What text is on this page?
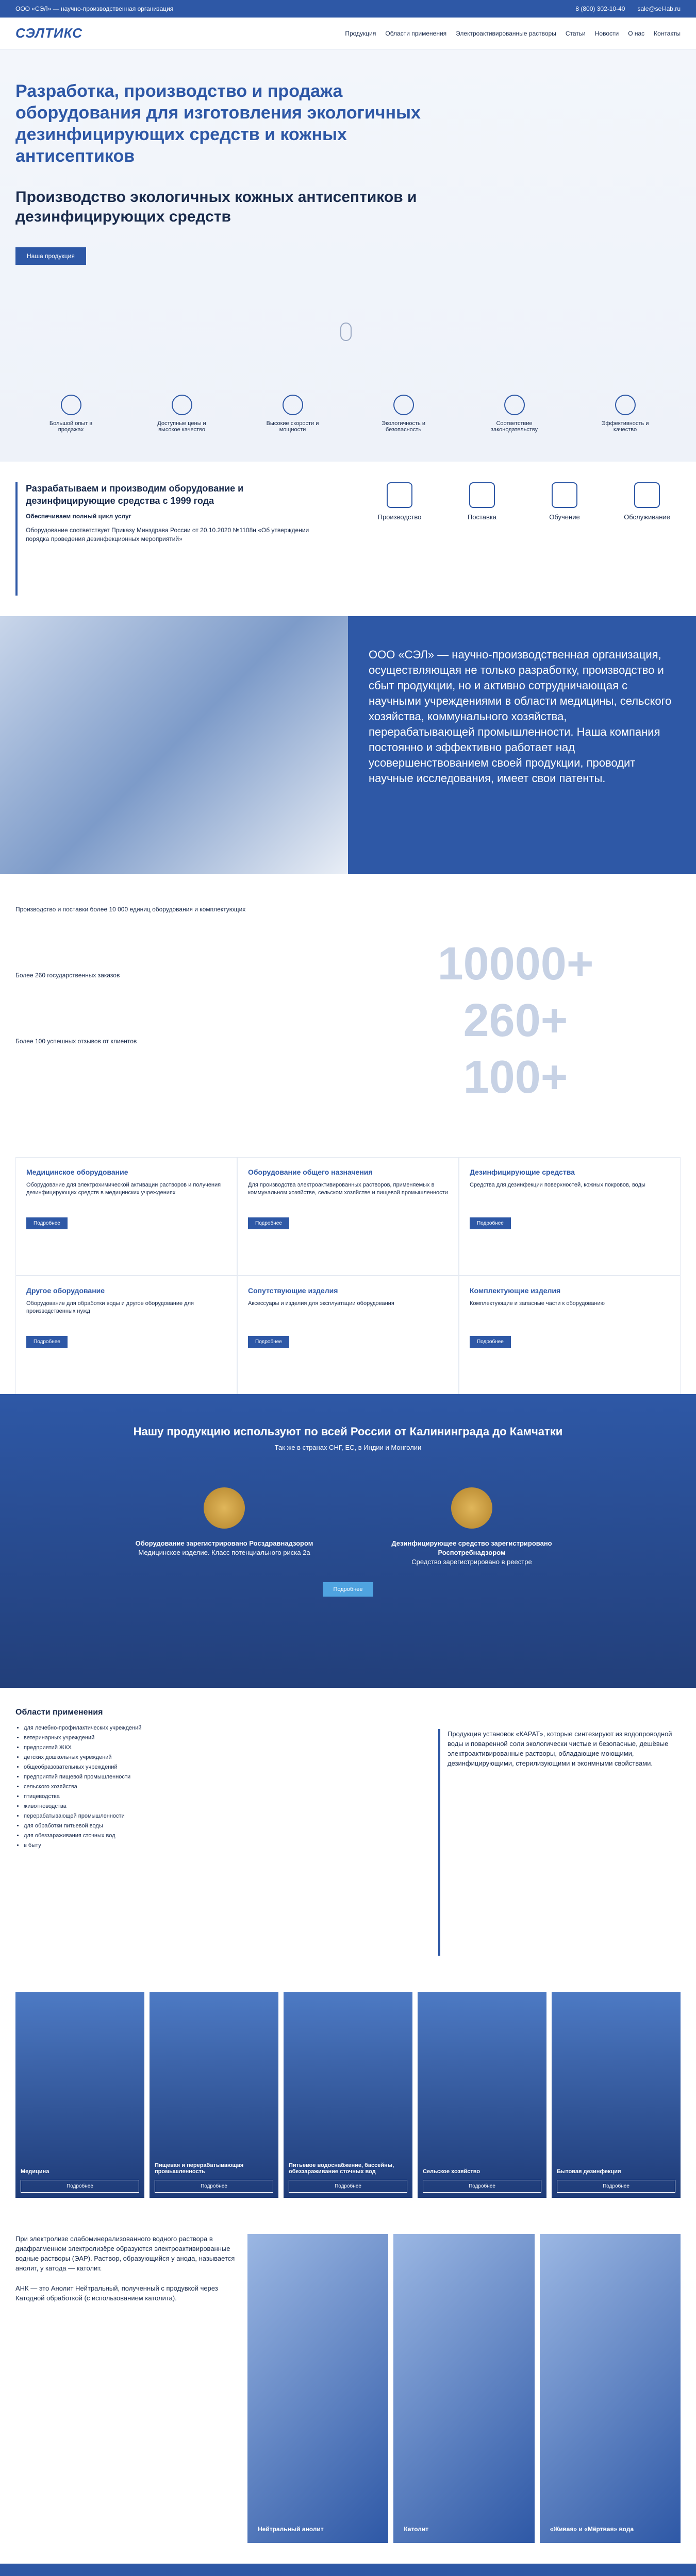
ООО «СЭЛ» — научно-производственная организация	8 (800) 302-10-40 sale@sel-lab.ru
СЭЛТИКС	Продукция Области применения Электроактивированные растворы Статьи Новости О нас Контакты
Разработка, производство и продажа оборудования для изготовления экологичных дезинфицирующих средств и кожных антисептиков
Производство экологичных кожных антисептиков и дезинфицирующих средств
Наша продукция
Большой опыт в продажах
Доступные цены и высокое качество
Высокие скорости и мощности
Экологичность и безопасность
Соответствие законодательству
Эффективность и качество
Разрабатываем и производим оборудование и дезинфицирующие средства с 1999 года

Обеспечиваем полный цикл услуг

Оборудование соответствует Приказу Минздрава России от 20.10.2020 №1108н «Об утверждении порядка проведения дезинфекционных мероприятий»

Производство	Поставка	Обучение	Обслуживание
ООО «СЭЛ» — научно-производственная организация, осуществляющая не только разработку, производство и сбыт продукции, но и активно сотрудничающая с научными учреждениями в области медицины, сельского хозяйства, коммунального хозяйства, перерабатывающей промышленности. Наша компания постоянно и эффективно работает над усовершенствованием своей продукции, проводит научные исследования, имеет свои патенты.

Производство и поставки более 10 000 единиц оборудования и комплектующих

Более 260 государственных заказов

Более 100 успешных отзывов от клиентов

10000+
260+
100+
Медицинское оборудование

Оборудование для электрохимической активации растворов и получения дезинфицирующих средств в медицинских учреждениях

Подробнее
Оборудование общего назначения

Для производства электроактивированных растворов, применяемых в коммунальном хозяйстве, сельском хозяйстве и пищевой промышленности

Подробнее
Дезинфицирующие средства

Средства для дезинфекции поверхностей, кожных покровов, воды

Подробнее
Другое оборудование

Оборудование для обработки воды и другое оборудование для производственных нужд

Подробнее
Сопутствующие изделия

Аксессуары и изделия для эксплуатации оборудования

Подробнее
Комплектующие изделия

Комплектующие и запасные части к оборудованию

Подробнее
Нашу продукцию используют по всей России от Калининграда до Камчатки
Так же в странах СНГ, ЕС, в Индии и Монголии
Оборудование зарегистрировано Росздравнадзором
Медицинское изделие. Класс потенциального риска 2а
Дезинфицирующее средство зарегистрировано Роспотребнадзором
Средство зарегистрировано в реестре
Подробнее
Области применения
• для лечебно-профилактических учреждений
• ветеринарных учреждений
• предприятий ЖКХ
• детских дошкольных учреждений
• общеобразовательных учреждений
• предприятий пищевой промышленности
• сельского хозяйства
• птицеводства
• животноводства
• перерабатывающей промышленности
• для обработки питьевой воды
• для обеззараживания сточных вод
• в быту
Продукция установок «КАРАТ», которые синтезируют из водопроводной воды и поваренной соли экологически чистые и безопасные, дешёвые электроактивированные растворы, обладающие моющими, дезинфицирующими, стерилизующими и эконмными свойствами.
Медицина
Подробнее
Пищевая и перерабатывающая промышленность
Подробнее
Питьевое водоснабжение, бассейны, обеззараживание сточных вод
Подробнее
Сельское хозяйство
Подробнее
Бытовая дезинфекция
Подробнее

При электролизе слабоминерализованного водного раствора в диафрагменном электролизёре образуются электроактивированные водные растворы (ЭАР). Раствор, образующийся у анода, называется анолит, у катода — католит.

АНК — это Анолит Нейтральный, полученный с продувкой через Катодной обработкой (с использованием католита).

Нейтральный анолит	Католит	«Живая» и «Мёртвая» вода
